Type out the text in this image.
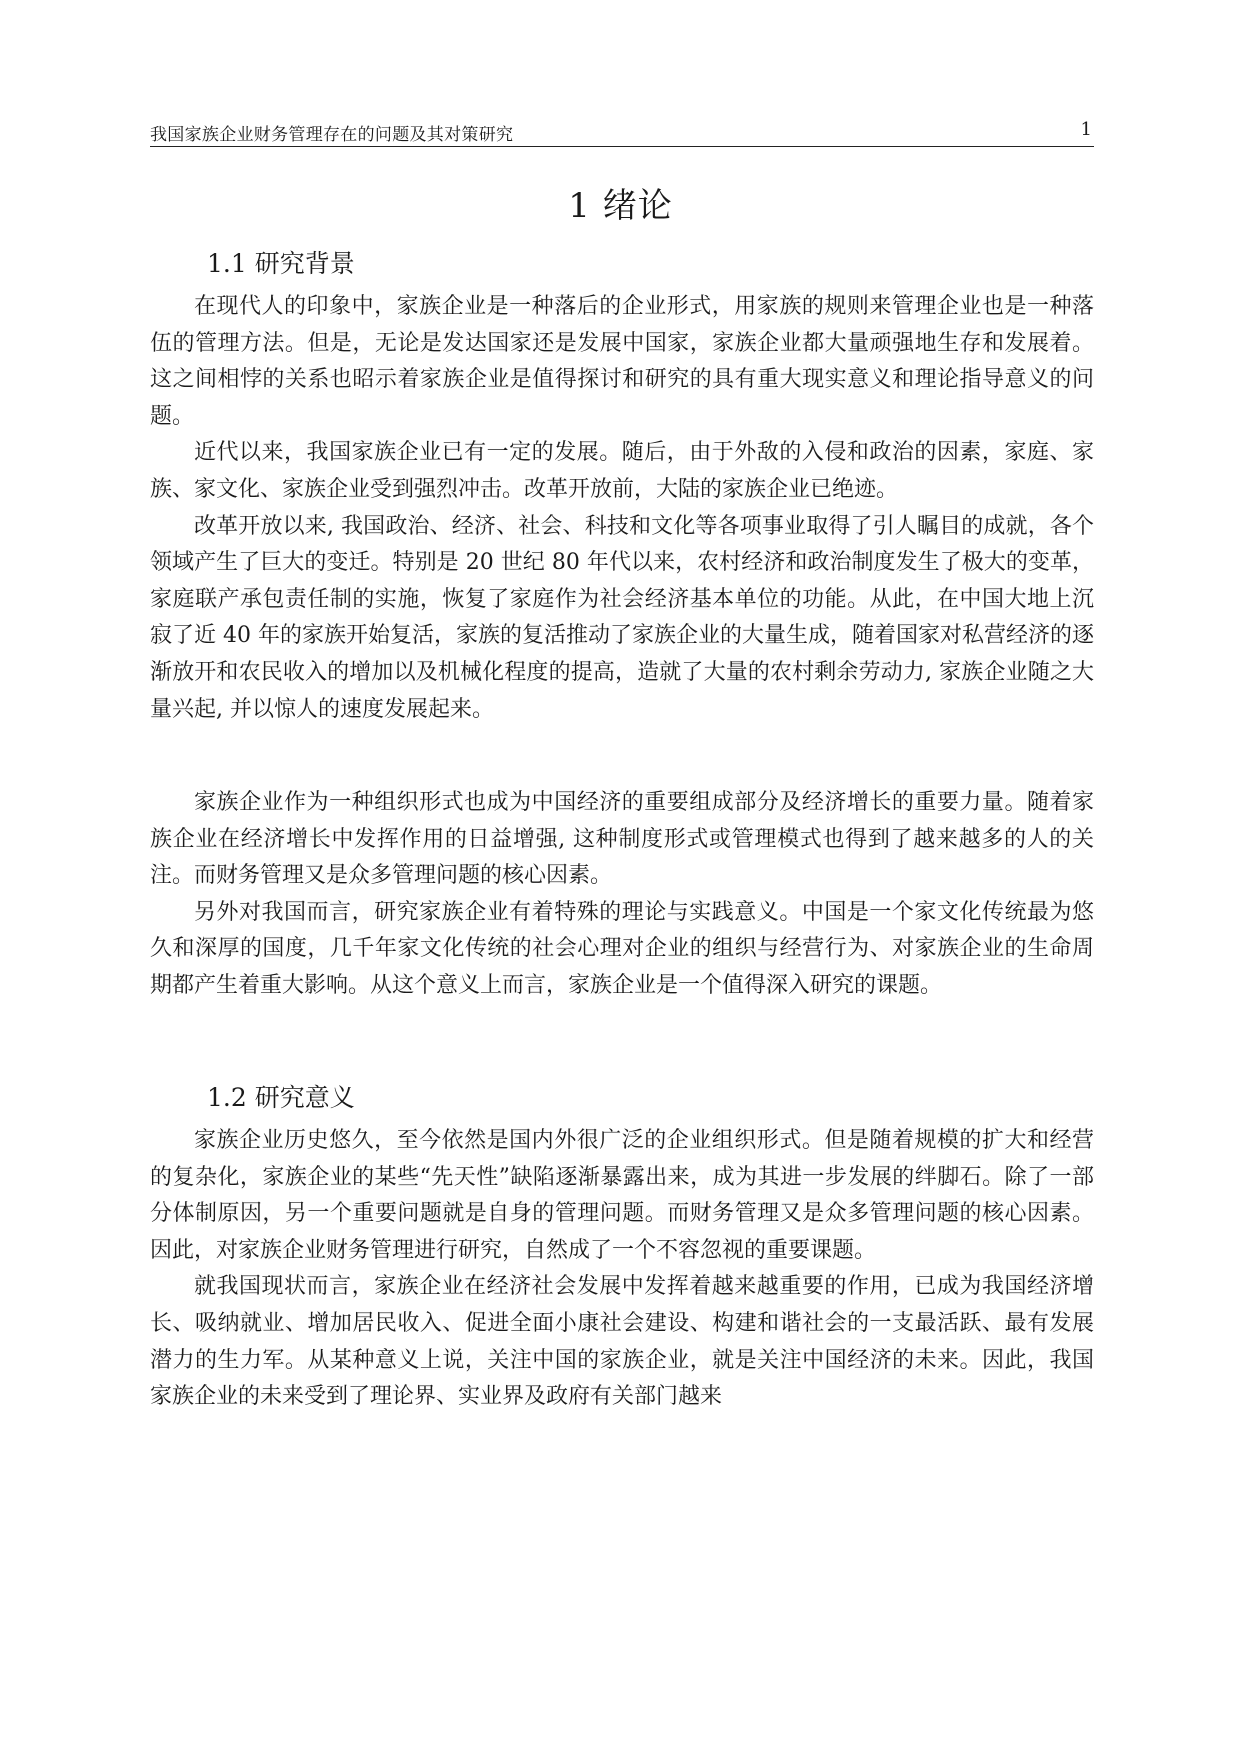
我国家族企业财务管理存在的问题及其对策研究	1
1 绪论
1.1 研究背景

在现代人的印象中，家族企业是一种落后的企业形式，用家族的规则来管理企业也是一种落伍的管理方法。但是，无论是发达国家还是发展中国家，家族企业都大量顽强地生存和发展着。这之间相悖的关系也昭示着家族企业是值得探讨和研究的具有重大现实意义和理论指导意义的问题。

近代以来，我国家族企业已有一定的发展。随后，由于外敌的入侵和政治的因素，家庭、家族、家文化、家族企业受到强烈冲击。改革开放前，大陆的家族企业已绝迹。

改革开放以来, 我国政治、经济、社会、科技和文化等各项事业取得了引人瞩目的成就，各个领域产生了巨大的变迁。特别是 20 世纪 80 年代以来，农村经济和政治制度发生了极大的变革，家庭联产承包责任制的实施，恢复了家庭作为社会经济基本单位的功能。从此，在中国大地上沉寂了近 40 年的家族开始复活，家族的复活推动了家族企业的大量生成，随着国家对私营经济的逐渐放开和农民收入的增加以及机械化程度的提高，造就了大量的农村剩余劳动力, 家族企业随之大量兴起, 并以惊人的速度发展起来。

家族企业作为一种组织形式也成为中国经济的重要组成部分及经济增长的重要力量。随着家族企业在经济增长中发挥作用的日益增强, 这种制度形式或管理模式也得到了越来越多的人的关注。而财务管理又是众多管理问题的核心因素。

另外对我国而言，研究家族企业有着特殊的理论与实践意义。中国是一个家文化传统最为悠久和深厚的国度，几千年家文化传统的社会心理对企业的组织与经营行为、对家族企业的生命周期都产生着重大影响。从这个意义上而言，家族企业是一个值得深入研究的课题。

1.2 研究意义

家族企业历史悠久，至今依然是国内外很广泛的企业组织形式。但是随着规模的扩大和经营的复杂化，家族企业的某些“先天性”缺陷逐渐暴露出来，成为其进一步发展的绊脚石。除了一部分体制原因，另一个重要问题就是自身的管理问题。而财务管理又是众多管理问题的核心因素。因此，对家族企业财务管理进行研究，自然成了一个不容忽视的重要课题。

就我国现状而言，家族企业在经济社会发展中发挥着越来越重要的作用，已成为我国经济增长、吸纳就业、增加居民收入、促进全面小康社会建设、构建和谐社会的一支最活跃、最有发展潜力的生力军。从某种意义上说，关注中国的家族企业，就是关注中国经济的未来。因此，我国家族企业的未来受到了理论界、实业界及政府有关部门越来
